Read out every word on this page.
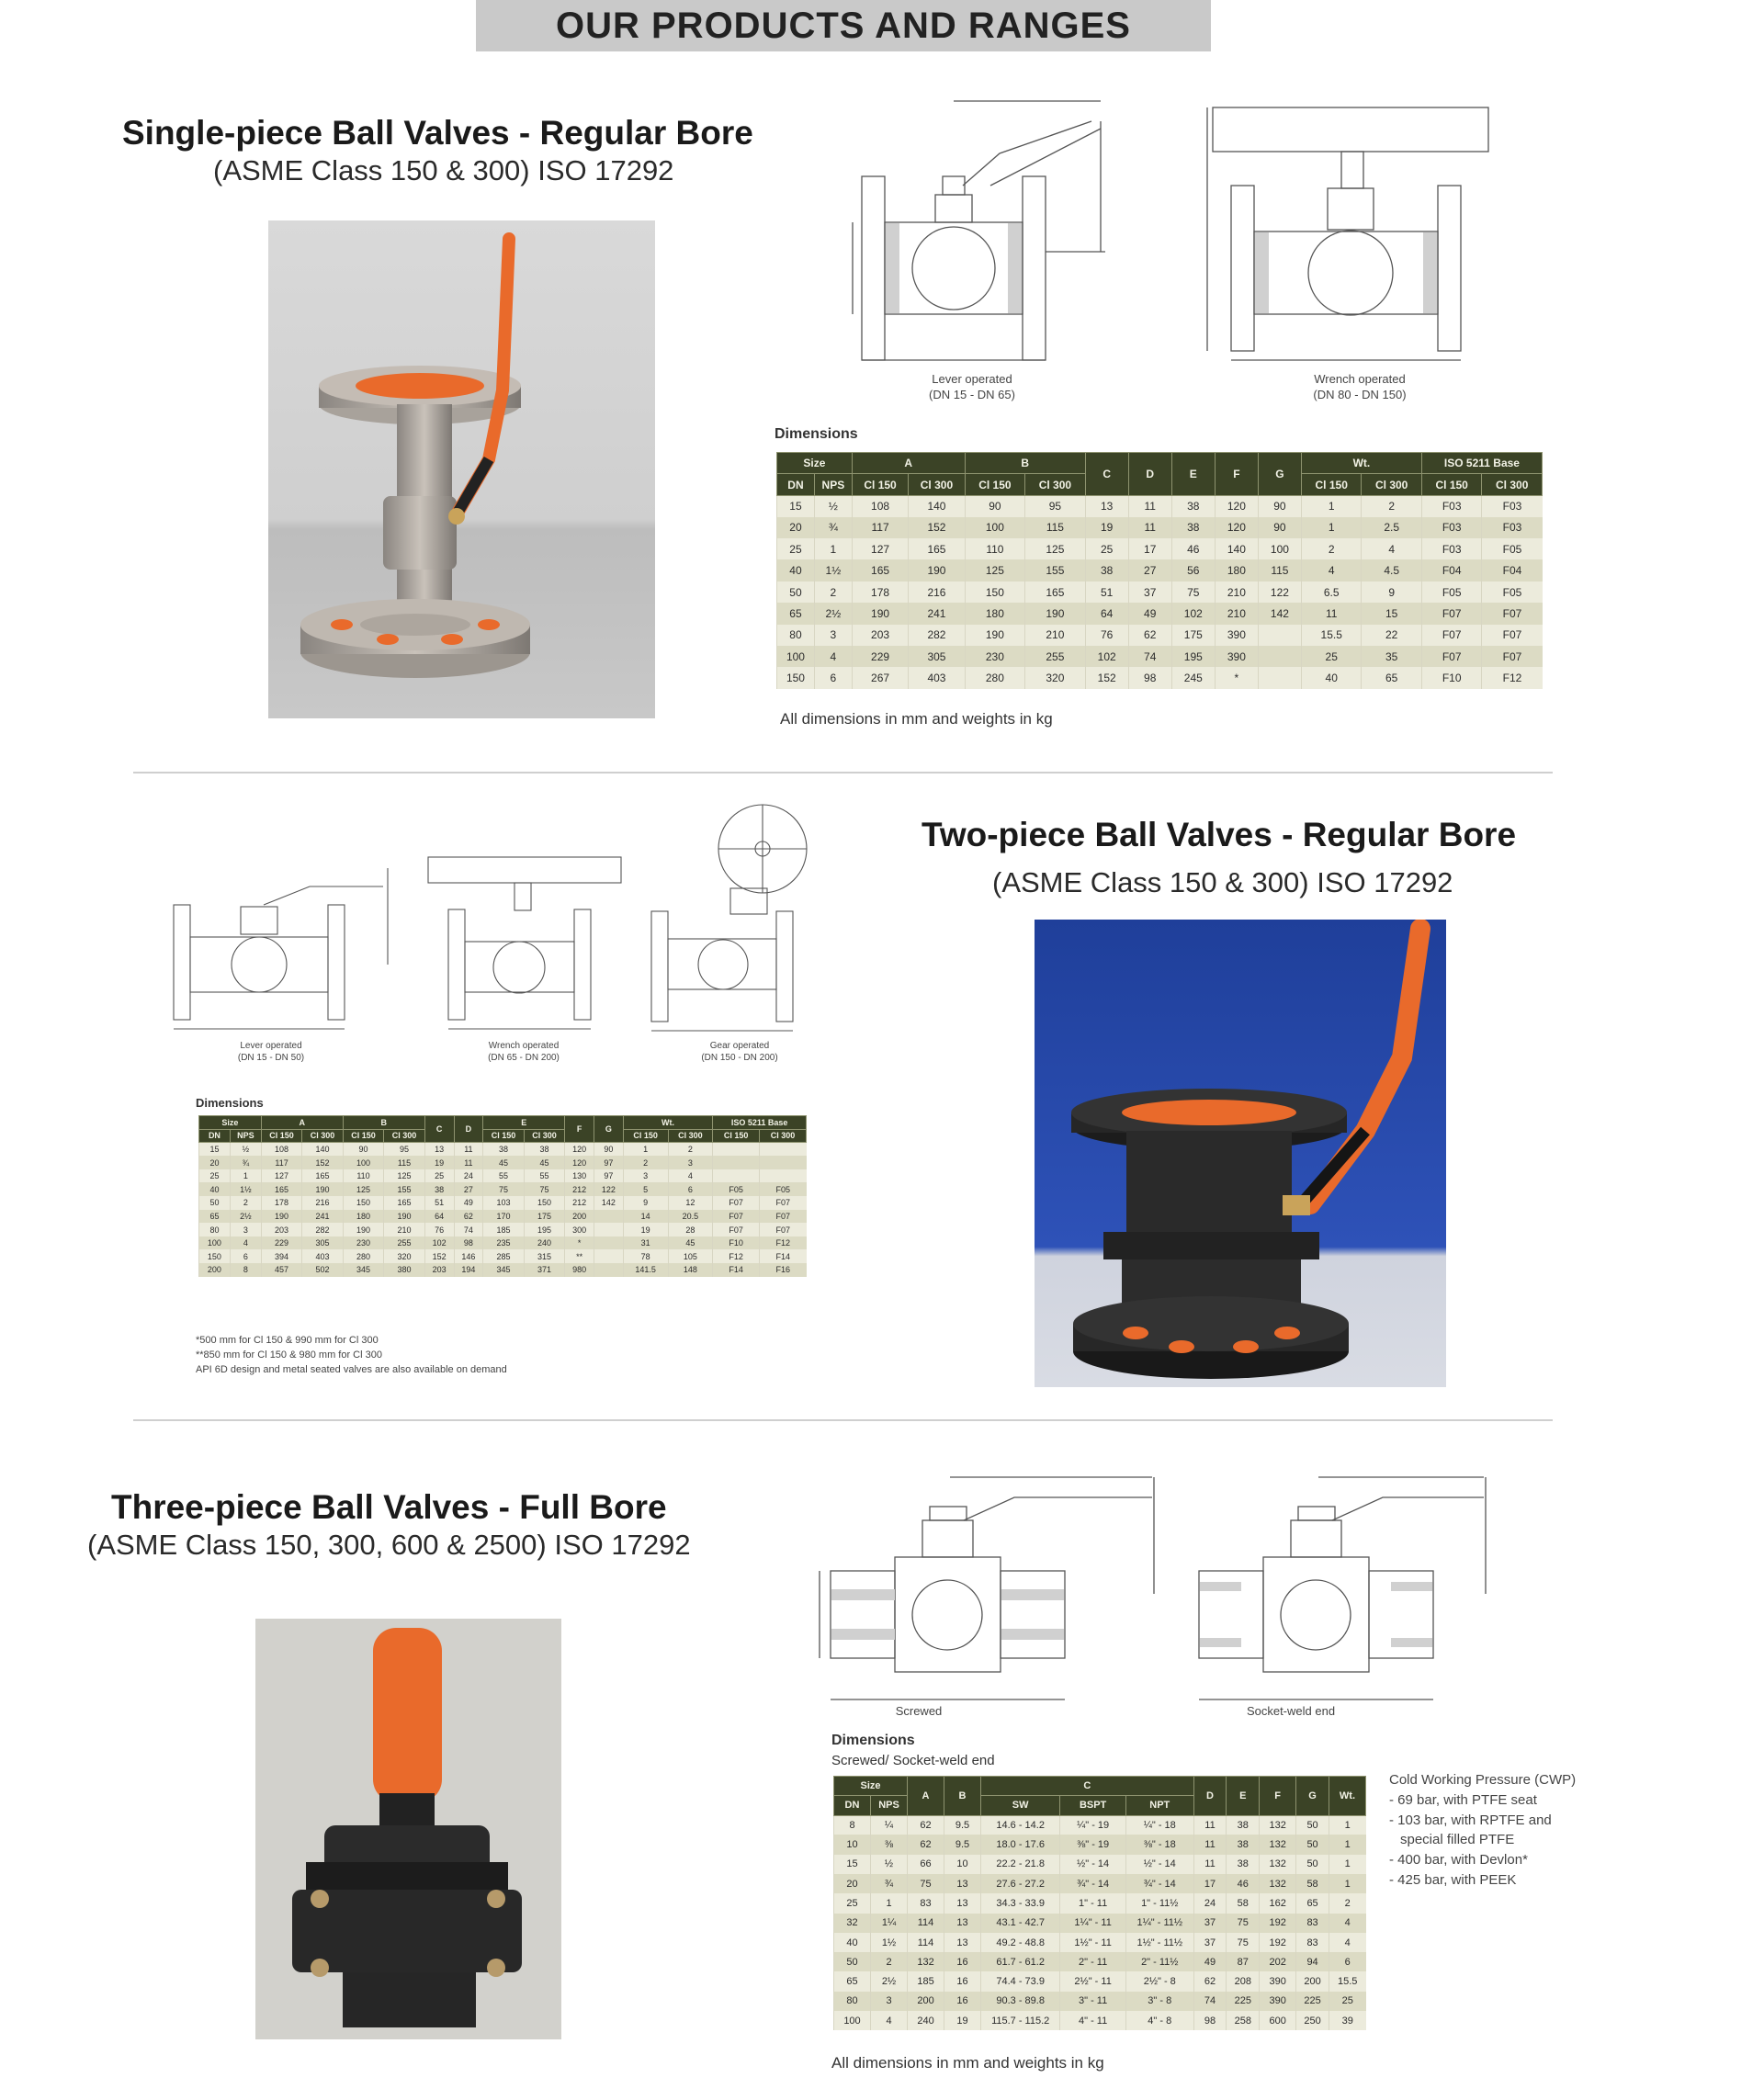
OUR PRODUCTS AND RANGES
Single-piece Ball Valves - Regular Bore
(ASME Class 150 & 300) ISO 17292
Lever operated
(DN 15 - DN 65)
Wrench operated
(DN 80 - DN 150)
Dimensions
Size		A		B		C	D	E	F	G	Wt.		ISO 5211 Base	
DN	NPS	Cl 150	Cl 300	Cl 150	Cl 300						Cl 150	Cl 300	Cl 150	Cl 300
15	½	108	140	90	95	13	11	38	120	90	1	2	F03	F03
20	¾	117	152	100	115	19	11	38	120	90	1	2.5	F03	F03
25	1	127	165	110	125	25	17	46	140	100	2	4	F03	F05
40	1½	165	190	125	155	38	27	56	180	115	4	4.5	F04	F04
50	2	178	216	150	165	51	37	75	210	122	6.5	9	F05	F05
65	2½	190	241	180	190	64	49	102	210	142	11	15	F07	F07
80	3	203	282	190	210	76	62	175	390		15.5	22	F07	F07
100	4	229	305	230	255	102	74	195	390		25	35	F07	F07
150	6	267	403	280	320	152	98	245	*		40	65	F10	F12
All dimensions in mm and weights in kg
Two-piece Ball Valves - Regular Bore
(ASME Class 150 & 300) ISO 17292
Lever operated
(DN 15 - DN 50)
Wrench operated
(DN 65 - DN 200)
Gear operated
(DN 150 - DN 200)
Dimensions
Size		A		B		C	D	E		F	G	Wt.		ISO 5211 Base	
DN	NPS	Cl 150	Cl 300	Cl 150	Cl 300			Cl 150	Cl 300			Cl 150	Cl 300	Cl 150	Cl 300
15	½	108	140	90	95	13	11	38	38	120	90	1	2		
20	¾	117	152	100	115	19	11	45	45	120	97	2	3		
25	1	127	165	110	125	25	24	55	55	130	97	3	4		
40	1½	165	190	125	155	38	27	75	75	212	122	5	6	F05	F05
50	2	178	216	150	165	51	49	103	150	212	142	9	12	F07	F07
65	2½	190	241	180	190	64	62	170	175	200		14	20.5	F07	F07
80	3	203	282	190	210	76	74	185	195	300		19	28	F07	F07
100	4	229	305	230	255	102	98	235	240	*		31	45	F10	F12
150	6	394	403	280	320	152	146	285	315	**		78	105	F12	F14
200	8	457	502	345	380	203	194	345	371	980		141.5	148	F14	F16
*500 mm for Cl 150 & 990 mm for Cl 300
**850 mm for Cl 150 & 980 mm for Cl 300
API 6D design and metal seated valves are also available on demand
Three-piece Ball Valves - Full Bore
(ASME Class 150, 300, 600 & 2500) ISO 17292
Screwed	Socket-weld end
Dimensions
Screwed/ Socket-weld end
Size		A	B	C			D	E	F	G	Wt.
DN	NPS			SW	BSPT	NPT					
8	¼	62	9.5	14.6 - 14.2	¼" - 19	¼" - 18	11	38	132	50	1
10	⅜	62	9.5	18.0 - 17.6	⅜" - 19	⅜" - 18	11	38	132	50	1
15	½	66	10	22.2 - 21.8	½" - 14	½" - 14	11	38	132	50	1
20	¾	75	13	27.6 - 27.2	¾" - 14	¾" - 14	17	46	132	58	1
25	1	83	13	34.3 - 33.9	1" - 11	1" - 11½	24	58	162	65	2
32	1¼	114	13	43.1 - 42.7	1¼" - 11	1¼" - 11½	37	75	192	83	4
40	1½	114	13	49.2 - 48.8	1½" - 11	1½" - 11½	37	75	192	83	4
50	2	132	16	61.7 - 61.2	2" - 11	2" - 11½	49	87	202	94	6
65	2½	185	16	74.4 - 73.9	2½" - 11	2½" - 8	62	208	390	200	15.5
80	3	200	16	90.3 - 89.8	3" - 11	3" - 8	74	225	390	225	25
100	4	240	19	115.7 - 115.2	4" - 11	4" - 8	98	258	600	250	39
Cold Working Pressure (CWP)
- 69 bar, with PTFE seat
- 103 bar, with RPTFE and
special filled PTFE
- 400 bar, with Devlon*
- 425 bar, with PEEK
All dimensions in mm and weights in kg
